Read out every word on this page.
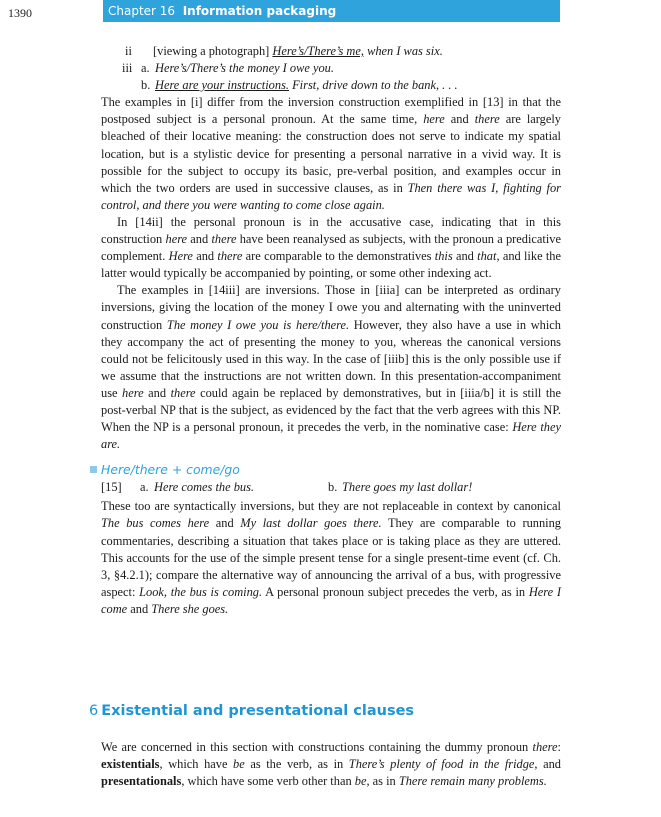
1390	Chapter 16 Information packaging
ii [viewing a photograph] Here’s/There’s me, when I was six.
iii a. Here’s/There’s the money I owe you.
b. Here are your instructions. First, drive down to the bank, . . .

The examples in [i] differ from the inversion construction exemplified in [13] in that the postposed subject is a personal pronoun. At the same time, here and there are largely bleached of their locative meaning: the construction does not serve to indicate my spatial location, but is a stylistic device for presenting a personal narrative in a vivid way. It is possible for the subject to occupy its basic, pre-verbal position, and examples occur in which the two orders are used in successive clauses, as in Then there was I, fighting for control, and there you were wanting to come close again.

In [14ii] the personal pronoun is in the accusative case, indicating that in this construction here and there have been reanalysed as subjects, with the pronoun a predicative complement. Here and there are comparable to the demonstratives this and that, and like the latter would typically be accompanied by pointing, or some other indexing act.

The examples in [14iii] are inversions. Those in [iiia] can be interpreted as ordinary inversions, giving the location of the money I owe you and alternating with the uninverted construction The money I owe you is here/there. However, they also have a use in which they accompany the act of presenting the money to you, whereas the canonical versions could not be felicitously used in this way. In the case of [iiib] this is the only possible use if we assume that the instructions are not written down. In this presentation-accompaniment use here and there could again be replaced by demonstratives, but in [iiia/b] it is still the post-verbal NP that is the subject, as evidenced by the fact that the verb agrees with this NP. When the NP is a personal pronoun, it precedes the verb, in the nominative case: Here they are.

Here/there + come/go
[15] a. Here comes the bus.	b. There goes my last dollar!

These too are syntactically inversions, but they are not replaceable in context by canonical The bus comes here and My last dollar goes there. They are comparable to running commentaries, describing a situation that takes place or is taking place as they are uttered. This accounts for the use of the simple present tense for a single present-time event (cf. Ch. 3, §4.2.1); compare the alternative way of announcing the arrival of a bus, with progressive aspect: Look, the bus is coming. A personal pronoun subject precedes the verb, as in Here I come and There she goes.

6 Existential and presentational clauses

We are concerned in this section with constructions containing the dummy pronoun there: existentials, which have be as the verb, as in There’s plenty of food in the fridge, and presentationals, which have some verb other than be, as in There remain many problems.
